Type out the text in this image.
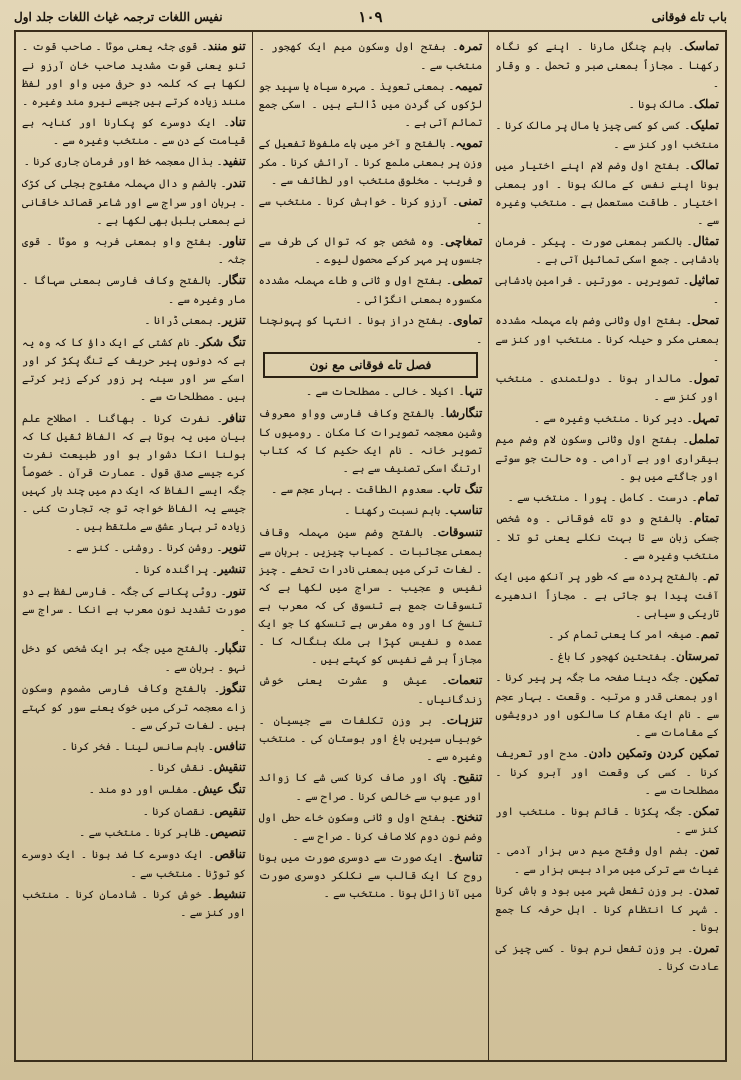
نفیس اللغات ترجمہ غیاث اللغات جلد اول	۱۰۹	باب تاے فوقانی
تماسک۔ باہم چنگل مارنا ۔ اپنے کو نگاہ رکھنا ۔ مجازاً بمعنی صبر و تحمل ۔ و وقار ۔
تملک۔ مالک ہونا ۔
تملیک۔ کسی کو کسی چیز یا مال پر مالک کرنا ۔ منتخب اور کنز سے ۔
تمالک۔ بفتح اول وضم لام اپنے اختیار میں ہونا اپنے نفس کے مالک ہونا ۔ اور بمعنی اختیار ۔ طاقت مستعمل ہے ۔ منتخب وغیرہ سے ۔
تمثال۔ بالکسر بمعنی صورت ۔ پیکر ۔ فرمان بادشاہی ۔ جمع اسکی تماثیل آتی ہے ۔
تماثیل۔ تصویریں ۔ مورتیں ۔ فرامین بادشاہی ۔
تمحل۔ بفتح اول وثانی وضم ہاے مہملہ مشددہ بمعنی مکر و حیلہ کرنا ۔ منتخب اور کنز سے ۔
تمول۔ مالدار ہونا ۔ دولتمندی ۔ منتخب اور کنز سے ۔
تمہل۔ دیر کرنا ۔ منتخب وغیرہ سے ۔
تململ۔ بفتح اول وثانی وسکون لام وضم میم بیقراری اور بے آرامی ۔ وہ حالت جو سوتے اور جاگتے میں ہو ۔
تمام۔ درست ۔ کامل ۔ پورا ۔ منتخب سے ۔
تمتام۔ بالفتح و دو تاے فوقانی ۔ وہ شخص جسکی زبان سے تا بہت نکلے یعنی تو تلا ۔ منتخب وغیرہ سے ۔
تم۔ بالفتح پردہ سے کہ طور پر آنکھ میں ایک آفت پیدا ہو جاتی ہے ۔ مجازاً اندھیرے تاریکی و سیاہی ۔
تمم۔ صیغہ امر کا یعنی تمام کر ۔
تمرستان۔ بفتحتین کھجور کا باغ ۔
تمکین۔ جگہ دینا صفحہ ما جگہ پر پیر کرنا ۔ اور بمعنی قدر و مرتبہ ۔ وقعت ۔ بہار عجم سے ۔ نام ایک مقام کا سالکوں اور درویشوں کے مقامات سے ۔
تمکین کردن وتمکین دادن۔ مدح اور تعریف کرنا ۔ کسی کی وقعت اور آبرو کرنا ۔ مصطلحات سے ۔
تمکن۔ جگہ پکڑنا ۔ قائم ہونا ۔ منتخب اور کنز سے ۔
تمن۔ بضم اول وفتح میم دس ہزار آدمی ۔ غیاث سے ترکی میں مراد بیس ہزار سے ۔
تمدن۔ بر وزن تفعل شہر میں بود و باش کرنا ۔ شہر کا انتظام کرنا ۔ اہل حرفہ کا جمع ہونا ۔
تمرن۔ بر وزن تفعل نرم ہونا ۔ کسی چیز کی عادت کرنا ۔
تمرہ۔ بفتح اول وسکون میم ایک کھجور ۔ منتخب سے ۔
تمیمہ۔ بمعنی تعویذ ۔ مہرہ سیاہ یا سپید جو لڑکوں کی گردن میں ڈالتے ہیں ۔ اسکی جمع تمائم آتی ہے ۔
تمویہ۔ بالفتح و آخر میں ہاے ملفوظ تفعیل کے وزن پر بمعنی ملمع کرنا ۔ آرائش کرنا ۔ مکر و فریب ۔ مخلوق منتخب اور لطائف سے ۔
تمنی۔ آرزو کرنا ۔ خواہش کرنا ۔ منتخب سے ۔
تمغاچی۔ وہ شخص جو کہ توال کی طرف سے جنسوں پر مہر کرکے محصول لیوے ۔
تمطی۔ بفتح اول و ثانی و طاے مہملہ مشددہ مکسورہ بمعنی انگڑائی ۔
تماوی۔ بفتح دراز ہونا ۔ انتہا کو پہونچنا ۔
فصل تاے فوقانی مع نون
تنہا۔ اکیلا ۔ خالی ۔ مصطلحات سے ۔
تنگارشا۔ بالفتح وکاف فارسی وواو معروف وشین معجمہ تصویرات کا مکان ۔ رومیوں کا تصویر خانہ ۔ نام ایک حکیم کا کہ کتاب ارتنگ اسکی تصنیف سے ہے ۔
تنگ تاب۔ سعدوم الطاقت ۔ بہار عجم سے ۔
تناسب۔ باہم نسبت رکھنا ۔
تنسوقات۔ بالفتح وضم سین مہملہ وقاف بمعنی عجائبات ۔ کمیاب چیزیں ۔ برہان سے ۔ لغات ترکی میں بمعنی نادرات تحفے ۔ چیز نفیس و عجیب ۔ سراج میں لکھا ہے کہ تنسوقات جمع ہے تنسوق کی کہ معرب ہے تنسخ کا اور وہ مفرس ہے تنسکھ کا جو ایک عمدہ و نفیس کپڑا ہی ملک بنگالہ کا ۔ مجازاً ہر شے نفیس کو کہتے ہیں ۔
تنعمات۔ عیش و عشرت یعنی خوش زندگانیاں ۔
تنزہات۔ بر وزن تکلفات سے جیسیان ۔ خوبیاں سیریں باغ اور بوستان کی ۔ منتخب وغیرہ سے ۔
تنقیح۔ پاک اور صاف کرنا کسی شے کا زوائد اور عیوب سے خالص کرنا ۔ صراح سے ۔
تنخنح۔ بفتح اول و ثانی وسکون خاے حطی اول وضم نون دوم کلا صاف کرنا ۔ صراح سے ۔
تناسخ۔ ایک صورت سے دوسری صورت میں ہونا روح کا ایک قالب سے نکلکر دوسری صورت میں آنا زائل ہونا ۔ منتخب سے ۔
تنو منند۔ قوی جثہ یعنی موٹا ۔ صاحب قوت ۔ تنو یعنی قوت مشدید صاحب خان آرزو نے لکھا ہے کہ کلمہ دو حرفی میں واو اور لفظ منند زیادہ کرتے ہیں جیسے نیرو مند وغیرہ ۔
تناد۔ ایک دوسرے کو پکارنا اور کنایہ ہے قیامت کے دن سے ۔ منتخب وغیرہ سے ۔
تنفید۔ بذال معجمہ خط اور فرمان جاری کرنا ۔
تندر۔ بالضم و دال مہملہ مفتوح بجلی کی کڑک ۔ برہان اور سراج سے اور شاعر قصائد خاقانی نے بمعنی بلبل بھی لکھا ہے ۔
تناور۔ بفتح واو بمعنی فربہ و موٹا ۔ قوی جثہ ۔
تنگار۔ بالفتح وکاف فارسی بمعنی سہاگا ۔ مار وغیرہ سے ۔
تنزیر۔ بمعنی ڈرانا ۔
تنگ شکر۔ نام کشتی کے ایک داؤ کا کہ وہ یہ ہے کہ دونوں پیر حریف کے تنگ پکڑ کر اور اسکے سر اور سینہ پر زور کرکے زیر کرتے ہیں ۔ مصطلحات سے ۔
تنافر۔ نفرت کرنا ۔ بھاگنا ۔ اصطلاح علم بیان میں یہ ہوتا ہے کہ الفاظ ثقیل کا کہ بولنا انکا دشوار ہو اور طبیعت نفرت کرے جیسے صدق قول ۔ عمارت قرآن ۔ خصوصاً جگہ ایسے الفاظ کہ ایک دم میں چند بار کہیں جیسے یہ الفاظ خواجہ تو جہ تجارت کنی ۔ زیادہ تر بہار عشق سے ملتقط ہیں ۔
تنویر۔ روشن کرنا ۔ روشنی ۔ کنز سے ۔
تنشیر۔ پراگندہ کرنا ۔
تنور۔ روٹی پکانے کی جگہ ۔ فارسی لفظ ہے دو صورت تشدید نون معرب ہے انکا ۔ سراج سے ۔
تنگبار۔ بالفتح میں جگہ بر ایک شخص کو دخل نہو ۔ برہان سے ۔
تنگوز۔ بالفتح وکاف فارسی مضموم وسکون زاے معجمہ ترکی میں خوک یعنے سور کو کہتے ہیں ۔ لغات ترکی سے ۔
تنافس۔ باہم سانس لینا ۔ فخر کرنا ۔
تنقیش۔ نقش کرنا ۔
تنگ عیش۔ مفلس اور دو مند ۔
تنقیص۔ نقصان کرنا ۔
تنصیص۔ ظاہر کرنا ۔ منتخب سے ۔
تناقص۔ ایک دوسرے کا ضد ہونا ۔ ایک دوسرے کو توڑنا ۔ منتخب سے ۔
تنشیط۔ خوش کرنا ۔ شادمان کرنا ۔ منتخب اور کنز سے ۔
